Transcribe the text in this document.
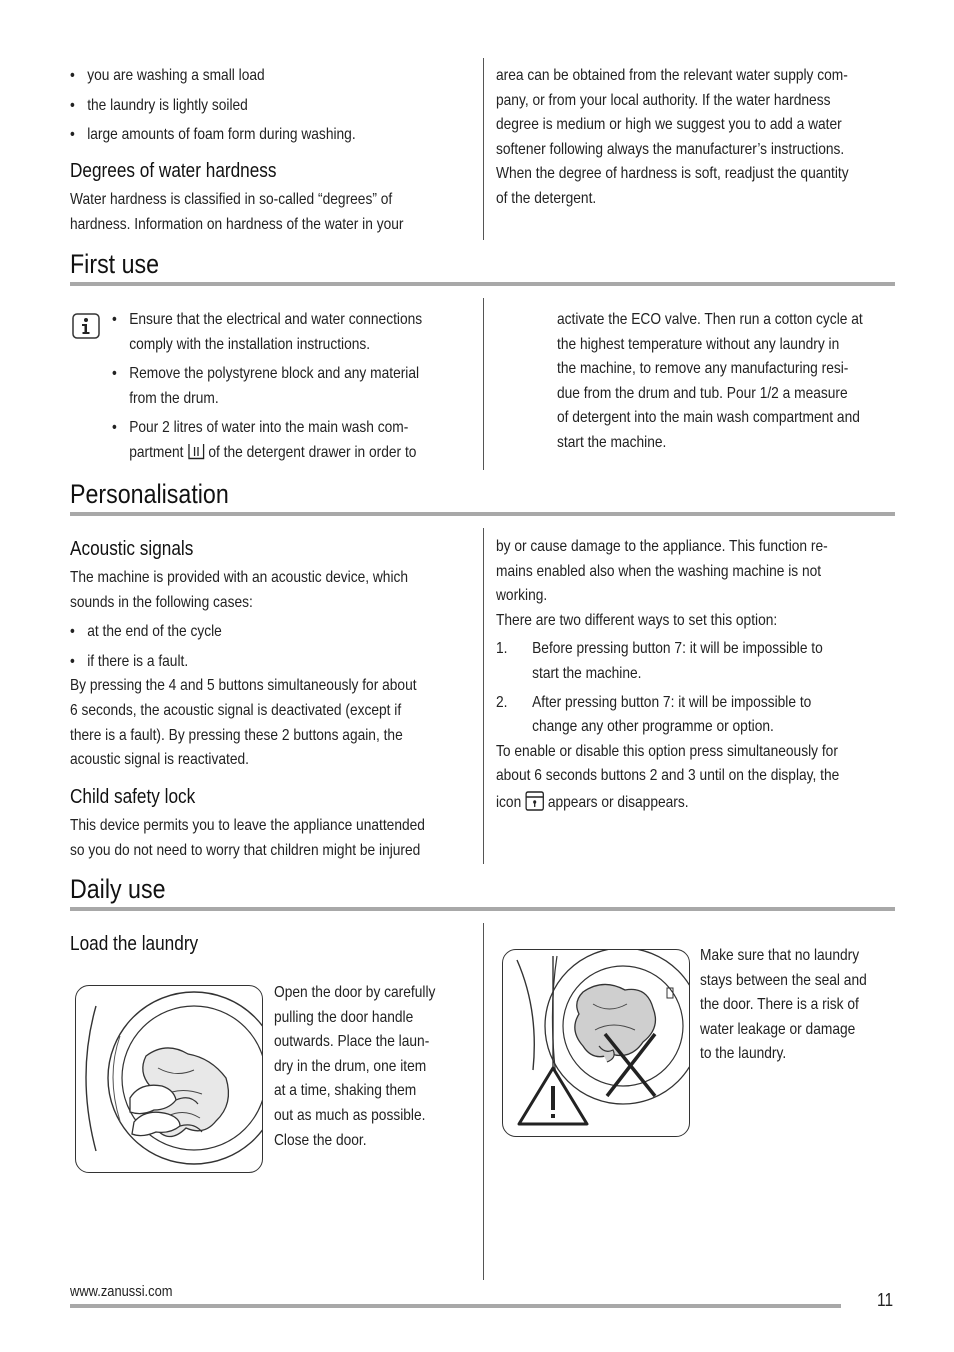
• you are washing a small load
• the laundry is lightly soiled
• large amounts of foam form during washing.
Degrees of water hardness
Water hardness is classified in so-called “degrees” of
hardness. Information on hardness of the water in your
area can be obtained from the relevant water supply com-
pany, or from your local authority. If the water hardness
degree is medium or high we suggest you to add a water
softener following always the manufacturer’s instructions.
When the degree of hardness is soft, readjust the quantity
of the detergent.
First use
• Ensure that the electrical and water connections
comply with the installation instructions.
• Remove the polystyrene block and any material
from the drum.
• Pour 2 litres of water into the main wash com-
partment of the detergent drawer in order to
activate the ECO valve. Then run a cotton cycle at
the highest temperature without any laundry in
the machine, to remove any manufacturing resi-
due from the drum and tub. Pour 1/2 a measure
of detergent into the main wash compartment and
start the machine.
Personalisation
Acoustic signals
The machine is provided with an acoustic device, which
sounds in the following cases:
• at the end of the cycle
• if there is a fault.
By pressing the 4 and 5 buttons simultaneously for about
6 seconds, the acoustic signal is deactivated (except if
there is a fault). By pressing these 2 buttons again, the
acoustic signal is reactivated.
Child safety lock
This device permits you to leave the appliance unattended
so you do not need to worry that children might be injured
by or cause damage to the appliance. This function re-
mains enabled also when the washing machine is not
working.
There are two different ways to set this option:
1. Before pressing button 7: it will be impossible to
start the machine.
2. After pressing button 7: it will be impossible to
change any other programme or option.
To enable or disable this option press simultaneously for
about 6 seconds buttons 2 and 3 until on the display, the
icon appears or disappears.
Daily use
Load the laundry
Open the door by carefully
pulling the door handle
outwards. Place the laun-
dry in the drum, one item
at a time, shaking them
out as much as possible.
Close the door.
Make sure that no laundry
stays between the seal and
the door. There is a risk of
water leakage or damage
to the laundry.
www.zanussi.com	11
